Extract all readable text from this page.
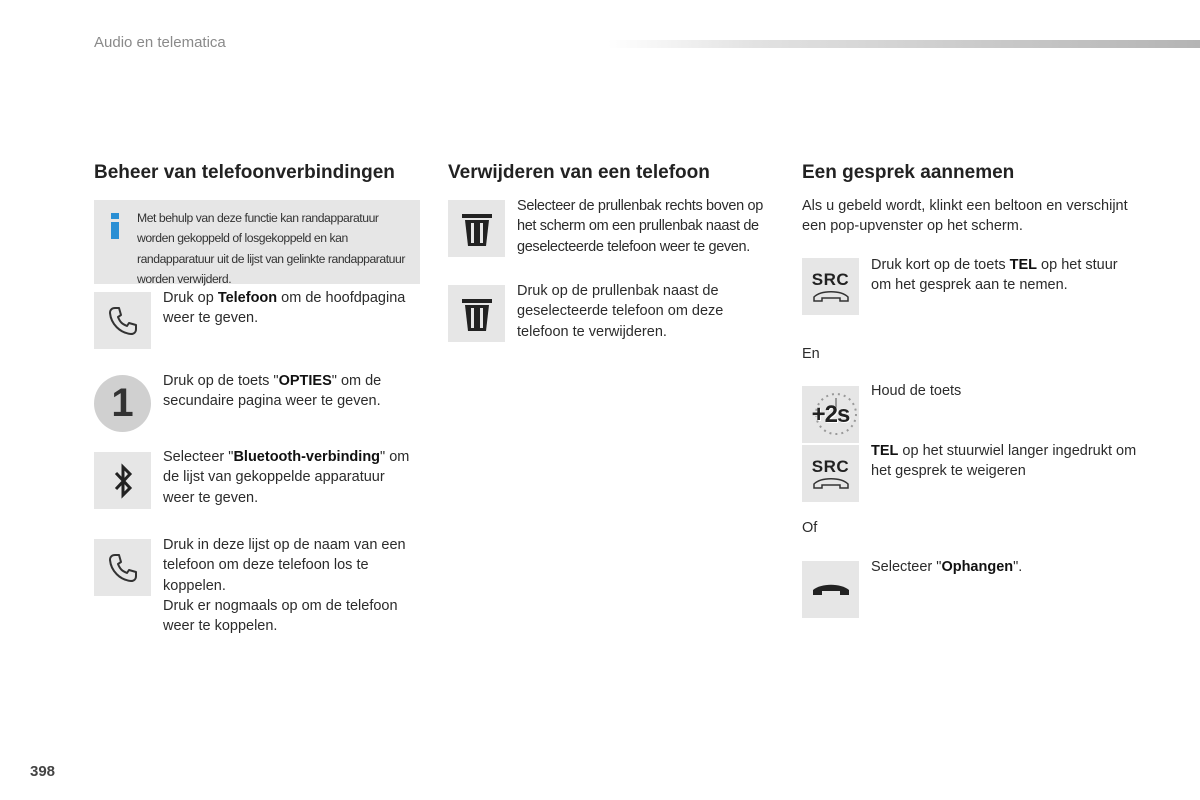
Audio en telematica
Beheer van telefoonverbindingen
Met behulp van deze functie kan randapparatuur worden gekoppeld of losgekoppeld en kan randapparatuur uit de lijst van gelinkte randapparatuur worden verwijderd.
Druk op Telefoon om de hoofdpagina weer te geven.
1	Druk op de toets "OPTIES" om de secundaire pagina weer te geven.
Selecteer "Bluetooth-verbinding" om de lijst van gekoppelde apparatuur weer te geven.
Druk in deze lijst op de naam van een telefoon om deze telefoon los te koppelen.
Druk er nogmaals op om de telefoon weer te koppelen.
Verwijderen van een telefoon
Selecteer de prullenbak rechts boven op het scherm om een prullenbak naast de geselecteerde telefoon weer te geven.
Druk op de prullenbak naast de geselecteerde telefoon om deze telefoon te verwijderen.
Een gesprek aannemen
Als u gebeld wordt, klinkt een beltoon en verschijnt een pop-upvenster op het scherm.
SRC
Druk kort op de toets TEL op het stuur om het gesprek aan te nemen.
En
+2s
Houd de toets
SRC
TEL op het stuurwiel langer ingedrukt om het gesprek te weigeren
Of
Selecteer "Ophangen".
398
